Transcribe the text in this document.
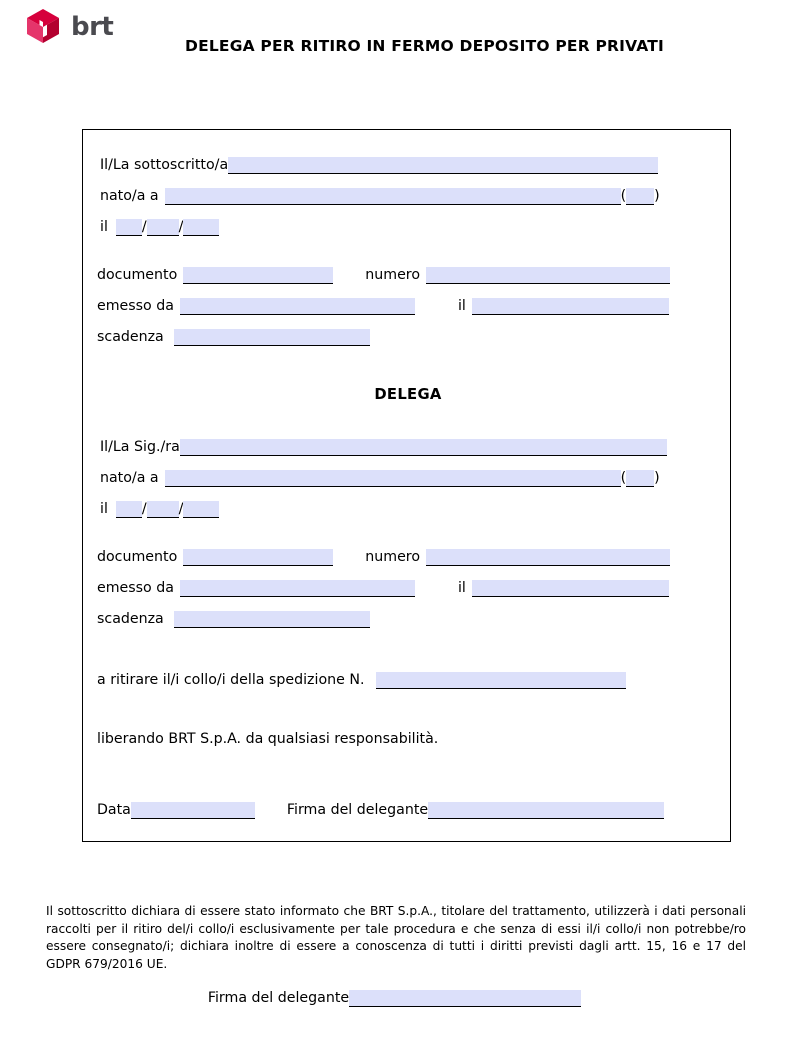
brt
DELEGA PER RITIRO IN FERMO DEPOSITO PER PRIVATI
Il/La sottoscritto/a
nato/a a	( )
il / /
documento	numero
emesso da	il
scadenza
DELEGA
Il/La Sig./ra
nato/a a	( )
il / /
documento	numero
emesso da	il
scadenza
a ritirare il/i collo/i della spedizione N.
liberando BRT S.p.A. da qualsiasi responsabilità.
Data	Firma del delegante
Il sottoscritto dichiara di essere stato informato che BRT S.p.A., titolare del trattamento, utilizzerà i dati personali raccolti per il ritiro del/i collo/i esclusivamente per tale procedura e che senza di essi il/i collo/i non potrebbe/ro essere consegnato/i; dichiara inoltre di essere a conoscenza di tutti i diritti previsti dagli artt. 15, 16 e 17 del GDPR 679/2016 UE.
Firma del delegante
